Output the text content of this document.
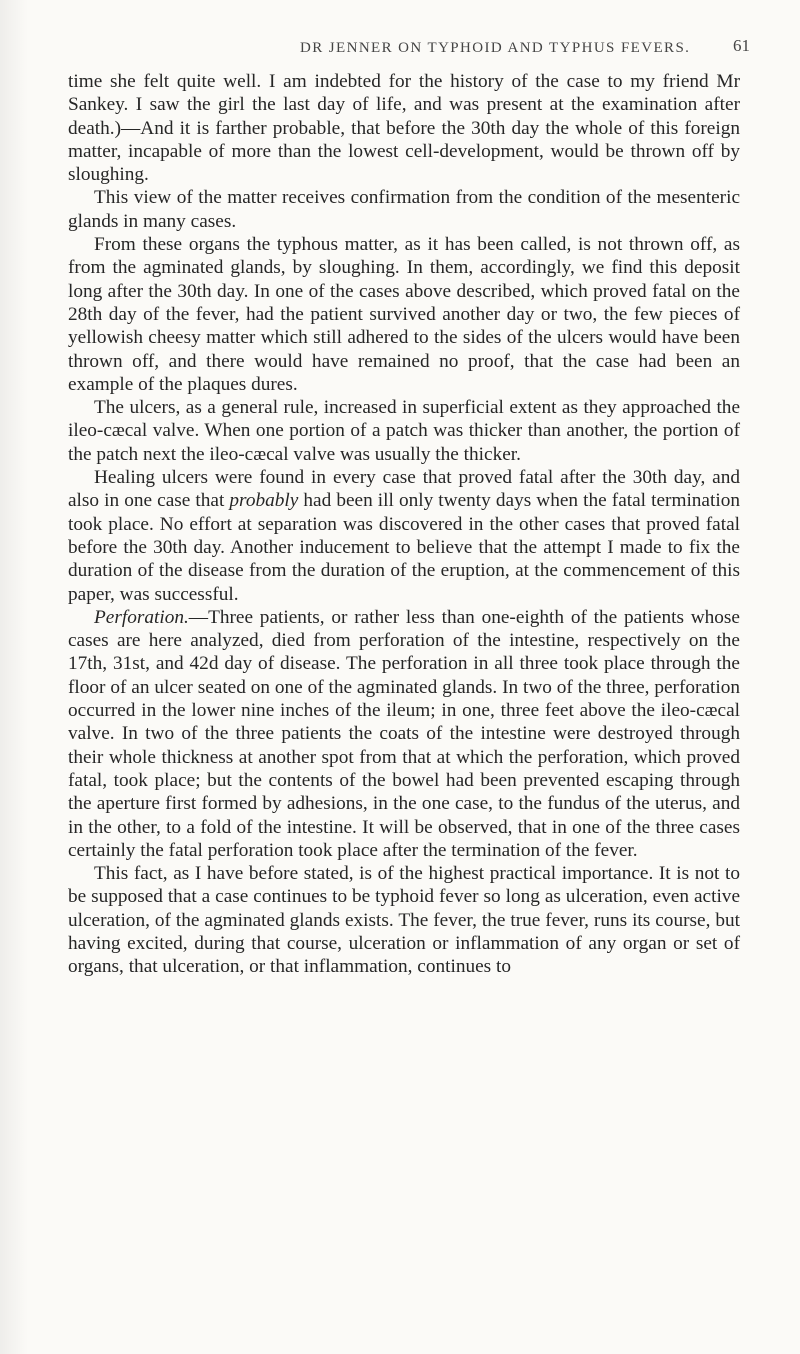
DR JENNER ON TYPHOID AND TYPHUS FEVERS.	61

time she felt quite well. I am indebted for the history of the case to my friend Mr Sankey. I saw the girl the last day of life, and was present at the examination after death.)—And it is farther probable, that before the 30th day the whole of this foreign matter, incapable of more than the lowest cell-development, would be thrown off by sloughing.

This view of the matter receives confirmation from the condition of the mesenteric glands in many cases.

From these organs the typhous matter, as it has been called, is not thrown off, as from the agminated glands, by sloughing. In them, accordingly, we find this deposit long after the 30th day. In one of the cases above described, which proved fatal on the 28th day of the fever, had the patient survived another day or two, the few pieces of yellowish cheesy matter which still adhered to the sides of the ulcers would have been thrown off, and there would have remained no proof, that the case had been an example of the plaques dures.

The ulcers, as a general rule, increased in superficial extent as they approached the ileo-cæcal valve. When one portion of a patch was thicker than another, the portion of the patch next the ileo-cæcal valve was usually the thicker.

Healing ulcers were found in every case that proved fatal after the 30th day, and also in one case that probably had been ill only twenty days when the fatal termination took place. No effort at separation was discovered in the other cases that proved fatal before the 30th day. Another inducement to believe that the attempt I made to fix the duration of the disease from the duration of the eruption, at the commencement of this paper, was successful.

Perforation.—Three patients, or rather less than one-eighth of the patients whose cases are here analyzed, died from perforation of the intestine, respectively on the 17th, 31st, and 42d day of disease. The perforation in all three took place through the floor of an ulcer seated on one of the agminated glands. In two of the three, perforation occurred in the lower nine inches of the ileum; in one, three feet above the ileo-cæcal valve. In two of the three patients the coats of the intestine were destroyed through their whole thickness at another spot from that at which the perforation, which proved fatal, took place; but the contents of the bowel had been prevented escaping through the aperture first formed by adhesions, in the one case, to the fundus of the uterus, and in the other, to a fold of the intestine. It will be observed, that in one of the three cases certainly the fatal perforation took place after the termination of the fever.

This fact, as I have before stated, is of the highest practical importance. It is not to be supposed that a case continues to be typhoid fever so long as ulceration, even active ulceration, of the agminated glands exists. The fever, the true fever, runs its course, but having excited, during that course, ulceration or inflammation of any organ or set of organs, that ulceration, or that inflammation, continues to
